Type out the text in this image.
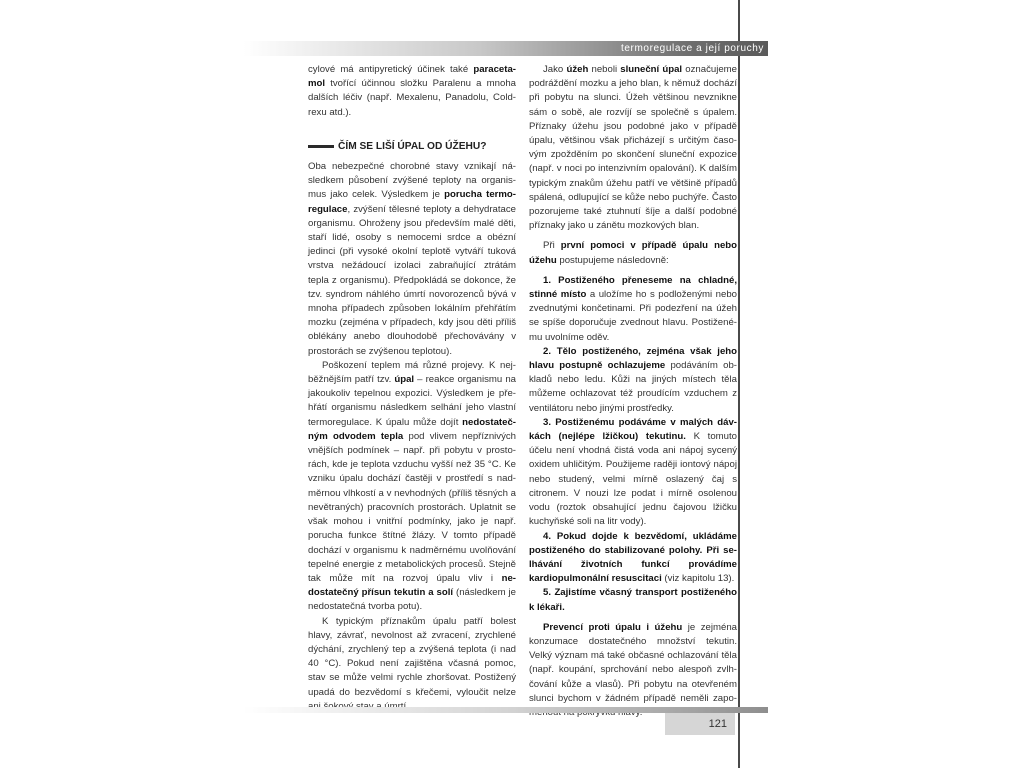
termoregulace a její poruchy

cylové má antipyretický účinek také paracetamol tvořící účinnou složku Paralenu a mnoha dalších léčiv (např. Mexalenu, Panadolu, Coldrexu atd.).

ČÍM SE LIŠÍ ÚPAL OD ÚŽEHU?

Oba nebezpečné chorobné stavy vznikají následkem působení zvýšené teploty na organismus jako celek. Výsledkem je porucha termoregulace, zvýšení tělesné teploty a dehydratace organismu. Ohroženy jsou především malé děti, staří lidé, osoby s nemocemi srdce a obézní jedinci (při vysoké okolní teplotě vytváří tuková vrstva nežádoucí izolaci zabraňující ztrátám tepla z organismu). Předpokládá se dokonce, že tzv. syndrom náhlého úmrtí novorozenců bývá v mnoha případech způsoben lokálním přehřátím mozku (zejména v případech, kdy jsou děti příliš oblékány anebo dlouhodobě přechovávány v prostorách se zvýšenou teplotou).

Poškození teplem má různé projevy. K nejběžnějším patří tzv. úpal – reakce organismu na jakoukoliv tepelnou expozici. Výsledkem je přehřátí organismu následkem selhání jeho vlastní termoregulace. K úpalu může dojít nedostatečným odvodem tepla pod vlivem nepříznivých vnějších podmínek – např. při pobytu v prostorách, kde je teplota vzduchu vyšší než 35 °C. Ke vzniku úpalu dochází častěji v prostředí s nadměrnou vlhkostí a v nevhodných (příliš těsných a nevětraných) pracovních prostorách. Uplatnit se však mohou i vnitřní podmínky, jako je např. porucha funkce štítné žlázy. V tomto případě dochází v organismu k nadměrnému uvolňování tepelné energie z metabolických procesů. Stejně tak může mít na rozvoj úpalu vliv i nedostatečný přísun tekutin a solí (následkem je nedostatečná tvorba potu).

K typickým příznakům úpalu patří bolest hlavy, závrať, nevolnost až zvracení, zrychlené dýchání, zrychlený tep a zvýšená teplota (i nad 40 °C). Pokud není zajištěna včasná pomoc, stav se může velmi rychle zhoršovat. Postižený upadá do bezvědomí s křečemi, vyloučit nelze

Jako úžeh neboli sluneční úpal označujeme podráždění mozku a jeho blan, k němuž dochází při pobytu na slunci. Úžeh většinou nevznikne sám o sobě, ale rozvíjí se společně s úpalem. Příznaky úžehu jsou podobné jako v případě úpalu, většinou však přicházejí s určitým časovým zpožděním po skončení sluneční expozice (např. v noci po intenzivním opalování). K dalším typickým znakům úžehu patří ve většině případů spálená, odlupující se kůže nebo puchýře. Často pozorujeme také ztuhnutí šíje a další podobné příznaky jako u zánětu mozkových blan.

Při první pomoci v případě úpalu nebo úžehu postupujeme následovně:

1. Postiženého přeneseme na chladné, stinné místo a uložíme ho s podloženými nebo zvednutými končetinami. Při podezření na úžeh se spíše doporučuje zvednout hlavu. Postiženému uvolníme oděv.

2. Tělo postiženého, zejména však jeho hlavu postupně ochlazujeme podáváním obkladů nebo ledu. Kůži na jiných místech těla můžeme ochlazovat též proudícím vzduchem z ventilátoru nebo jinými prostředky.

3. Postiženému podáváme v malých dávkách (nejlépe lžičkou) tekutinu. K tomuto účelu není vhodná čistá voda ani nápoj sycený oxidem uhličitým. Použijeme raději iontový nápoj nebo studený, velmi mírně oslazený čaj s citronem. V nouzi lze podat i mírně osolenou vodu (roztok obsahující jednu čajovou lžičku kuchyňské soli na litr vody).

4. Pokud dojde k bezvědomí, ukládáme postiženého do stabilizované polohy. Při selhávání životních funkcí provádíme kardiopulmonální resuscitaci (viz kapitolu 13).

5. Zajistíme včasný transport postiženého k lékaři.

Prevencí proti úpalu i úžehu je zejména konzumace dostatečného množství tekutin. Velký význam má také občasné ochlazování těla (např. koupání, sprchování nebo alespoň zvlhčování kůže a vlasů). Při pobytu na otevřeném slunci bychom v žádném případě neměli zapo

121
